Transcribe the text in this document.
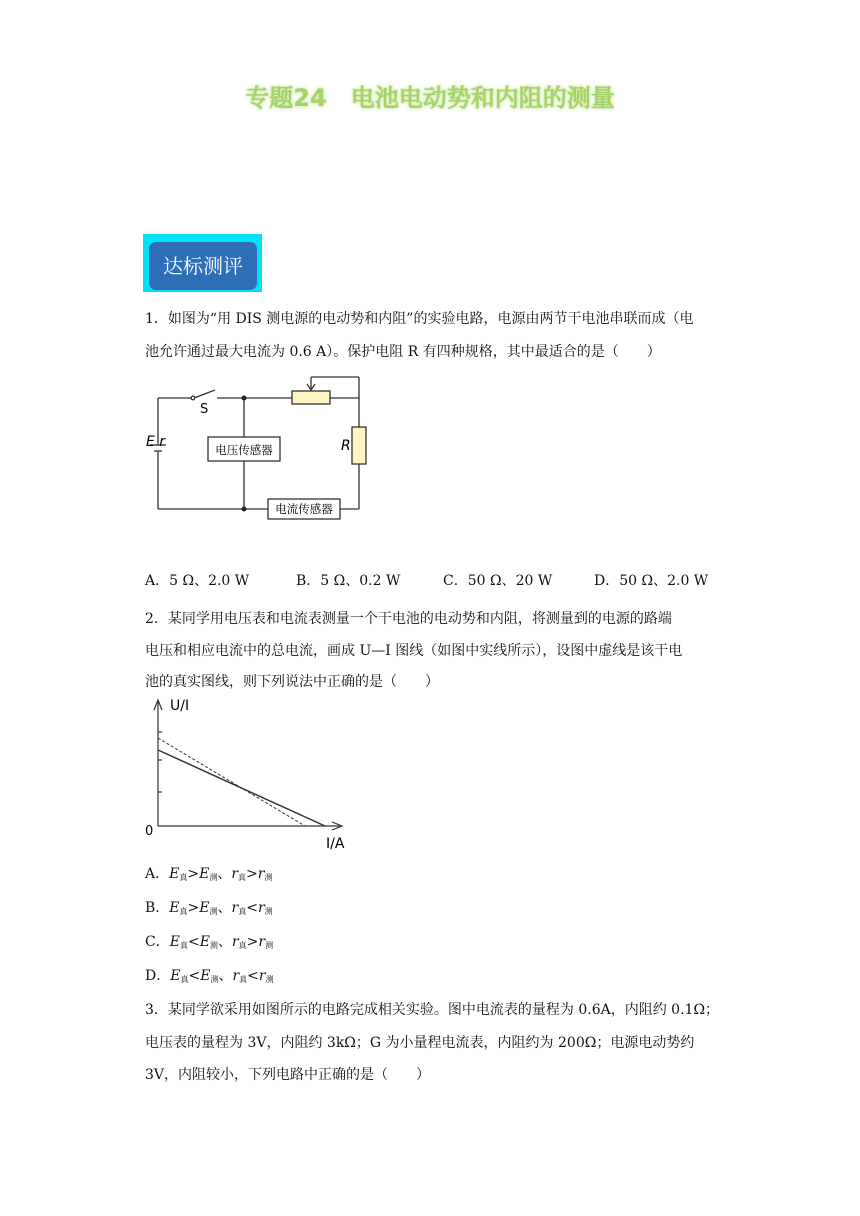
专题24　电池电动势和内阻的测量
达标测评
1．如图为“用 DIS 测电源的电动势和内阻”的实验电路，电源由两节干电池串联而成（电
池允许通过最大电流为 0.6 A）。保护电阻 R 有四种规格，其中最适合的是（　　）
S
E r	电压传感器
电流传感器
R
A．5 Ω、2.0 W	B．5 Ω、0.2 W	C．50 Ω、20 W	D．50 Ω、2.0 W
2．某同学用电压表和电流表测量一个干电池的电动势和内阻，将测量到的电源的路端
电压和相应电流中的总电流，画成 U—I 图线（如图中实线所示），设图中虚线是该干电
池的真实图线，则下列说法中正确的是（　　）
U/I
0
I/A
A．$E_真>E_测$、$r_真>r_测$
B．$E_真>E_测$、$r_真<r_测$
C．$E_真<E_测$、$r_真>r_测$
D．$E_真<E_测$、$r_真<r_测$
3．某同学欲采用如图所示的电路完成相关实验。图中电流表的量程为 0.6A，内阻约 0.1Ω；
电压表的量程为 3V，内阻约 3kΩ；G 为小量程电流表，内阻约为 200Ω；电源电动势约
3V，内阻较小，下列电路中正确的是（　　）
